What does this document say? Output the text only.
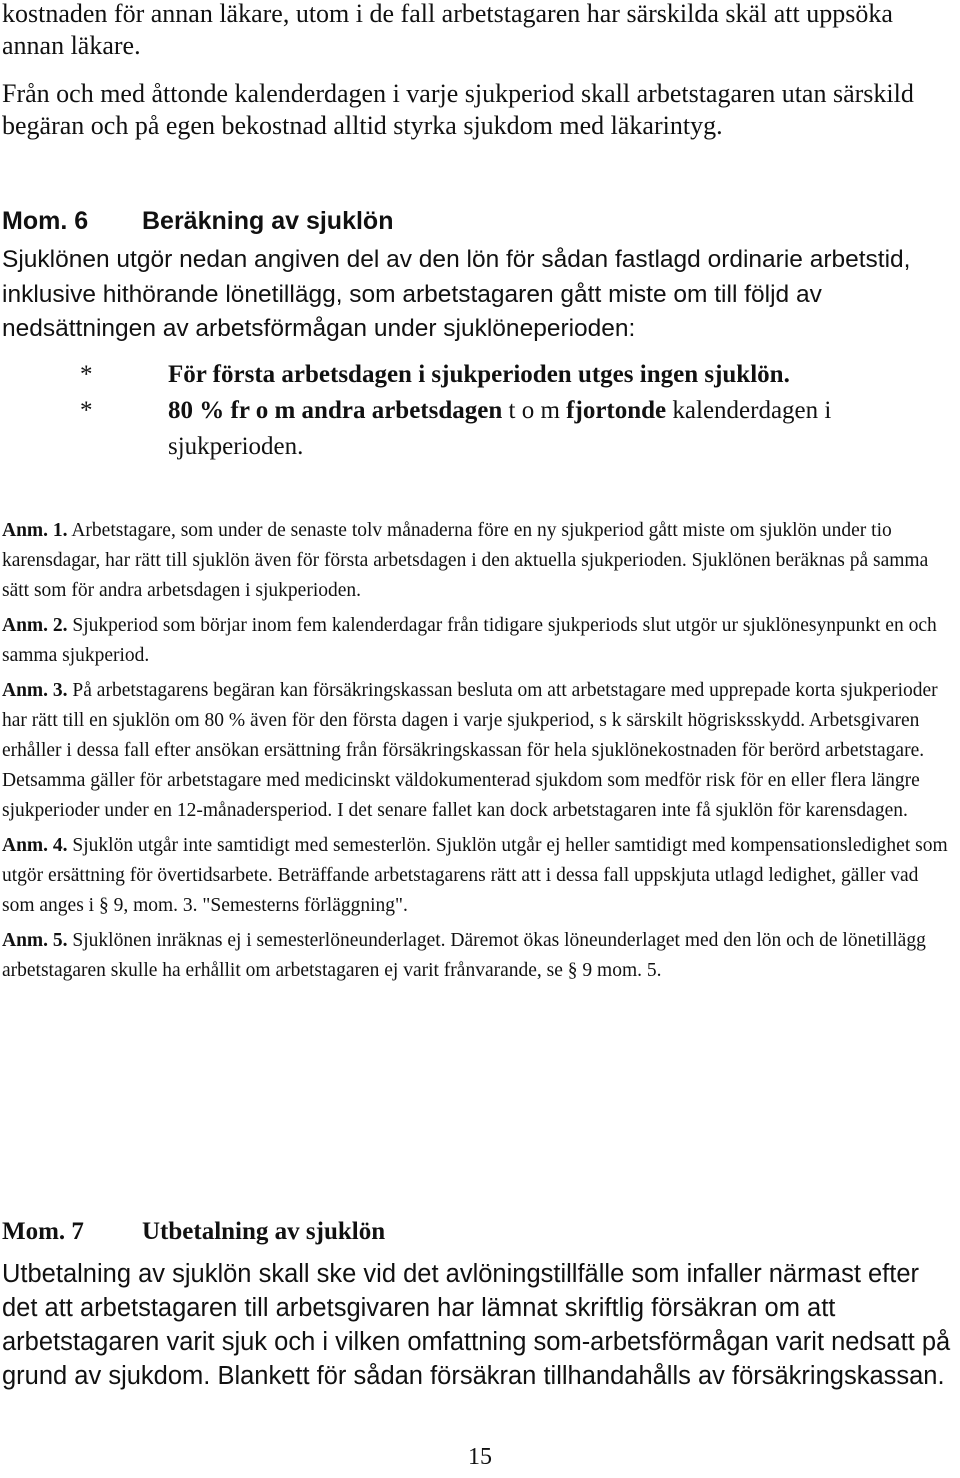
kostnaden för annan läkare, utom i de fall arbetstagaren har särskilda skäl att uppsöka annan läkare.

Från och med åttonde kalenderdagen i varje sjukperiod skall arbetstagaren utan särskild begäran och på egen bekostnad alltid styrka sjukdom med läkarintyg.

Mom. 6 Beräkning av sjuklön
Sjuklönen utgör nedan angiven del av den lön för sådan fastlagd ordinarie arbetstid, inklusive hithörande lönetillägg, som arbetstagaren gått miste om till följd av nedsättningen av arbetsförmågan under sjuklöneperioden:
*	För första arbetsdagen i sjukperioden utges ingen sjuklön.
*	80 % fr o m andra arbetsdagen t o m fjortonde kalenderdagen i sjukperioden.

Anm. 1. Arbetstagare, som under de senaste tolv månaderna före en ny sjukperiod gått miste om sjuklön under tio karensdagar, har rätt till sjuklön även för första arbetsdagen i den aktuella sjukperioden. Sjuklönen beräknas på samma sätt som för andra arbetsdagen i sjukperioden.

Anm. 2. Sjukperiod som börjar inom fem kalenderdagar från tidigare sjukperiods slut utgör ur sjuklönesynpunkt en och samma sjukperiod.

Anm. 3. På arbetstagarens begäran kan försäkringskassan besluta om att arbetstagare med upprepade korta sjukperioder har rätt till en sjuklön om 80 % även för den första dagen i varje sjukperiod, s k särskilt högrisksskydd. Arbetsgivaren erhåller i dessa fall efter ansökan ersättning från försäkringskassan för hela sjuklönekostnaden för berörd arbetstagare. Detsamma gäller för arbetstagare med medicinskt väldokumenterad sjukdom som medför risk för en eller flera längre sjukperioder under en 12-månadersperiod. I det senare fallet kan dock arbetstagaren inte få sjuklön för karensdagen.

Anm. 4. Sjuklön utgår inte samtidigt med semesterlön. Sjuklön utgår ej heller samtidigt med kompensationsledighet som utgör ersättning för övertidsarbete. Beträffande arbetstagarens rätt att i dessa fall uppskjuta utlagd ledighet, gäller vad som anges i § 9, mom. 3. "Semesterns förläggning".

Anm. 5. Sjuklönen inräknas ej i semesterlöneunderlaget. Däremot ökas löneunderlaget med den lön och de lönetillägg arbetstagaren skulle ha erhållit om arbetstagaren ej varit frånvarande, se § 9 mom. 5.

Mom. 7 Utbetalning av sjuklön
Utbetalning av sjuklön skall ske vid det avlöningstillfälle som infaller närmast efter det att arbetstagaren till arbetsgivaren har lämnat skriftlig försäkran om att arbetstagaren varit sjuk och i vilken omfattning som-arbetsförmågan varit nedsatt på grund av sjukdom. Blankett för sådan försäkran tillhandahålls av försäkringskassan.
15
